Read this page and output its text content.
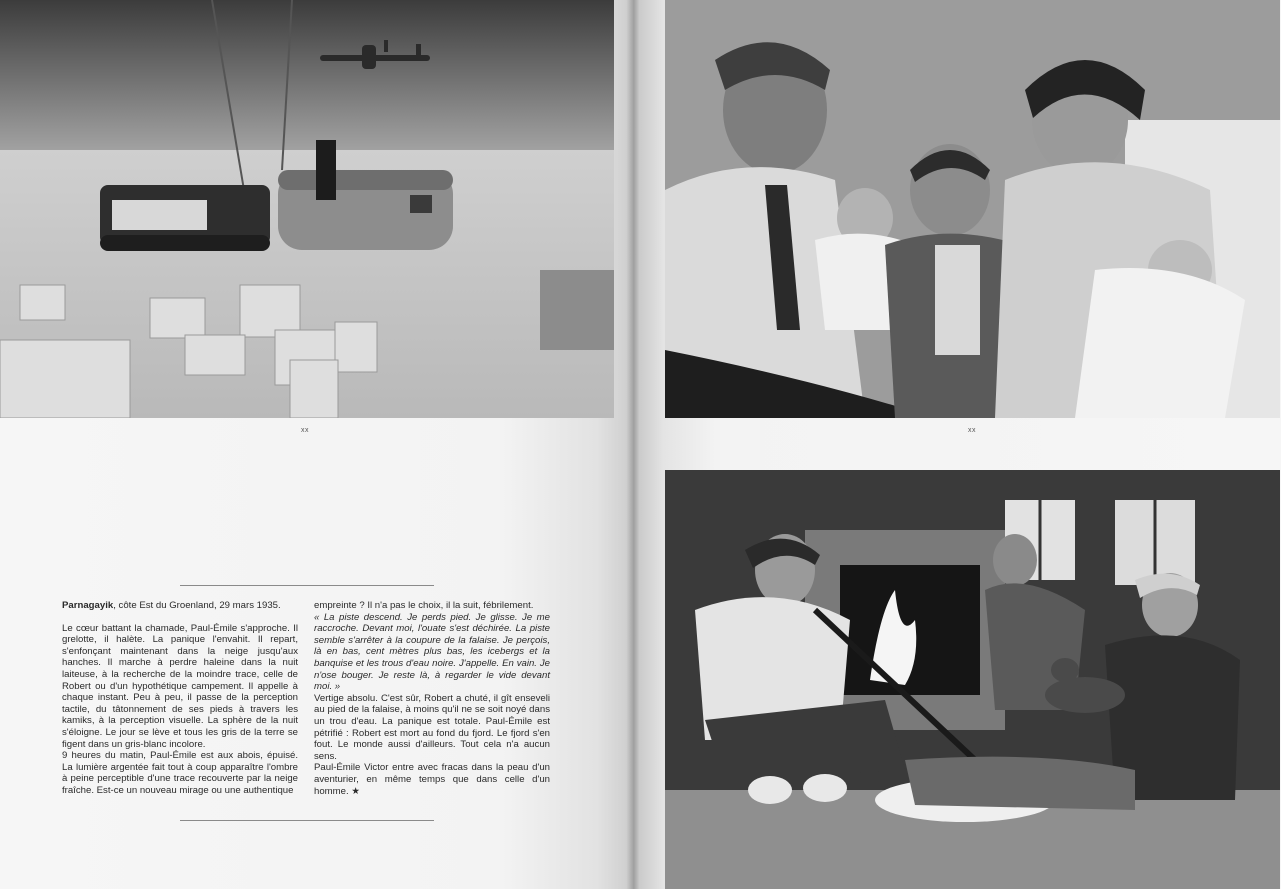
xx	xx

Parnagayik, côte Est du Groenland, 29 mars 1935.

Le cœur battant la chamade, Paul-Émile s'approche. Il grelotte, il halète. La panique l'envahit. Il repart, s'enfonçant maintenant dans la neige jusqu'aux hanches. Il marche à perdre haleine dans la nuit laiteuse, à la recherche de la moindre trace, celle de Robert ou d'un hypothétique campement. Il appelle à chaque instant. Peu à peu, il passe de la perception tactile, du tâtonnement de ses pieds à travers les kamiks, à la perception visuelle. La sphère de la nuit s'éloigne. Le jour se lève et tous les gris de la terre se figent dans un gris-blanc incolore.

9 heures du matin, Paul-Émile est aux abois, épuisé. La lumière argentée fait tout à coup apparaître l'ombre à peine perceptible d'une trace recouverte par la neige fraîche. Est-ce un nouveau mirage ou une authentique

empreinte ? Il n'a pas le choix, il la suit, fébrilement.

« La piste descend. Je perds pied. Je glisse. Je me raccroche. Devant moi, l'ouate s'est déchirée. La piste semble s'arrêter à la coupure de la falaise. Je perçois, là en bas, cent mètres plus bas, les icebergs et la banquise et les trous d'eau noire. J'appelle. En vain. Je n'ose bouger. Je reste là, à regarder le vide devant moi. »

Vertige absolu. C'est sûr, Robert a chuté, il gît enseveli au pied de la falaise, à moins qu'il ne se soit noyé dans un trou d'eau. La panique est totale. Paul-Émile est pétrifié : Robert est mort au fond du fjord. Le fjord s'en fout. Le monde aussi d'ailleurs. Tout cela n'a aucun sens.

Paul-Émile Victor entre avec fracas dans la peau d'un aventurier, en même temps que dans celle d'un homme. ★
